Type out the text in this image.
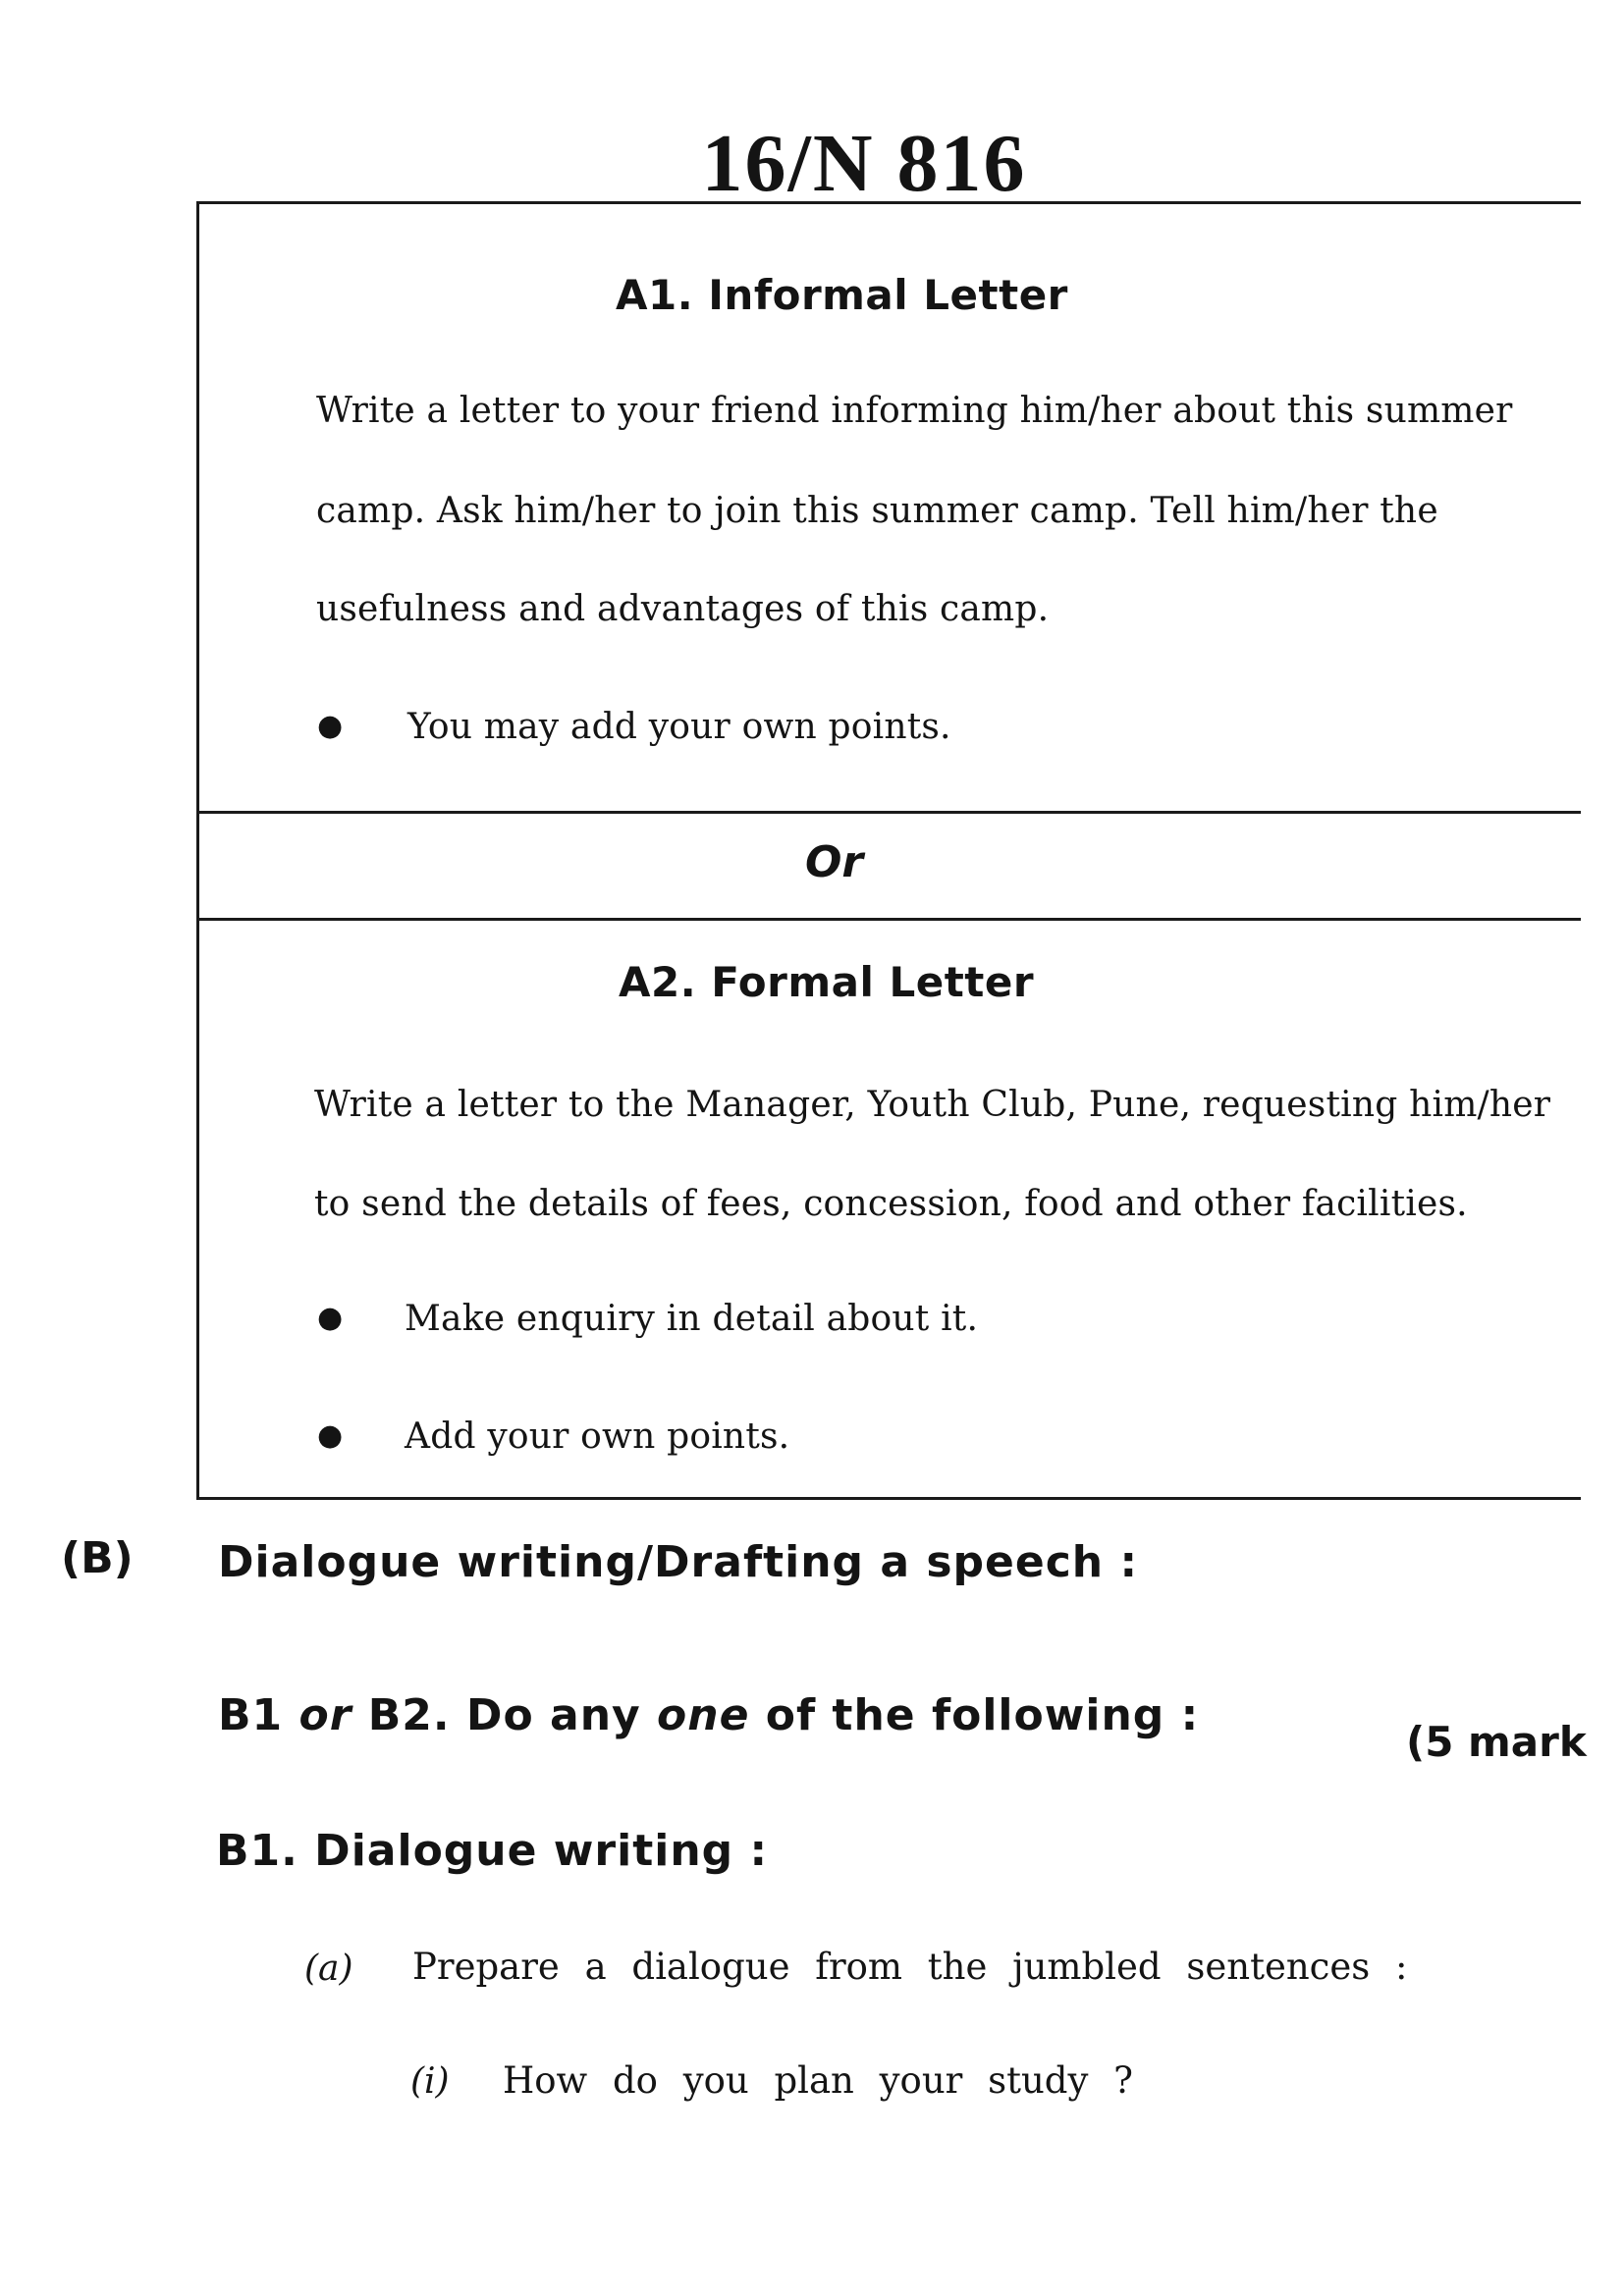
16/N 816
A1. Informal Letter
Write a letter to your friend informing him/her about this summer
camp. Ask him/her to join this summer camp. Tell him/her the
usefulness and advantages of this camp.
● You may add your own points.
Or
A2. Formal Letter
Write a letter to the Manager, Youth Club, Pune, requesting him/her
to send the details of fees, concession, food and other facilities.
● Make enquiry in detail about it.
● Add your own points.
(B) Dialogue writing/Drafting a speech :
B1 or B2. Do any one of the following :
(5 mark
B1. Dialogue writing :
(a) Prepare a dialogue from the jumbled sentences :
(i) How do you plan your study ?
